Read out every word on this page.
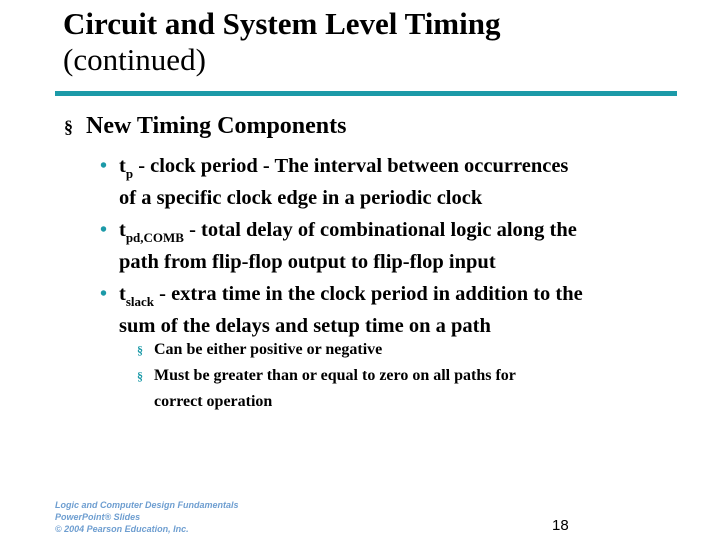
Circuit and System Level Timing
(continued)
§ New Timing Components
• $t_p$ - clock period - The interval between occurrences
of a specific clock edge in a periodic clock
• $t_{pd,COMB}$ - total delay of combinational logic along the
path from flip-flop output to flip-flop input
• $t_{slack}$ - extra time in the clock period in addition to the
sum of the delays and setup time on a path
§ Can be either positive or negative
§ Must be greater than or equal to zero on all paths for
correct operation
Logic and Computer Design Fundamentals
PowerPoint® Slides
© 2004 Pearson Education, Inc.	18
